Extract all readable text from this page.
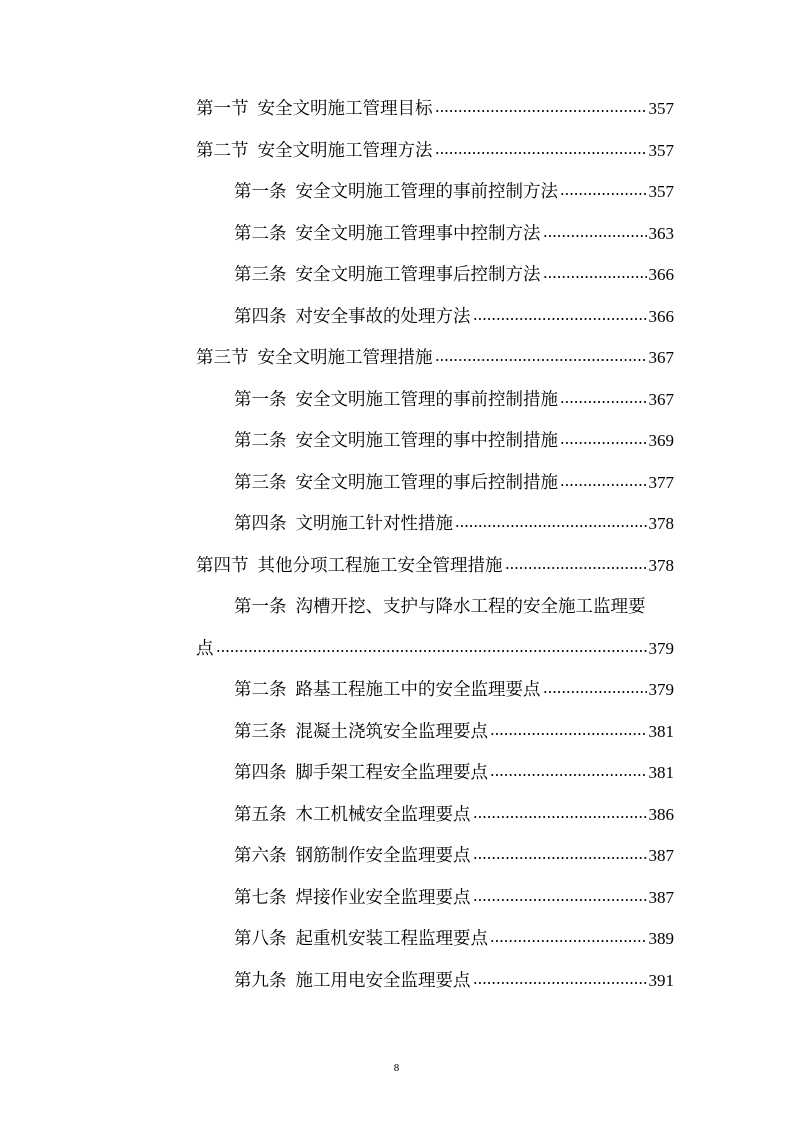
第一节 安全文明施工管理目标	357
第二节 安全文明施工管理方法	357
第一条 安全文明施工管理的事前控制方法	357
第二条 安全文明施工管理事中控制方法	363
第三条 安全文明施工管理事后控制方法	366
第四条 对安全事故的处理方法	366
第三节 安全文明施工管理措施	367
第一条 安全文明施工管理的事前控制措施	367
第二条 安全文明施工管理的事中控制措施	369
第三条 安全文明施工管理的事后控制措施	377
第四条 文明施工针对性措施	378
第四节 其他分项工程施工安全管理措施	378
第一条 沟槽开挖、支护与降水工程的安全施工监理要
点	379
第二条 路基工程施工中的安全监理要点	379
第三条 混凝土浇筑安全监理要点	381
第四条 脚手架工程安全监理要点	381
第五条 木工机械安全监理要点	386
第六条 钢筋制作安全监理要点	387
第七条 焊接作业安全监理要点	387
第八条 起重机安装工程监理要点	389
第九条 施工用电安全监理要点	391
8
